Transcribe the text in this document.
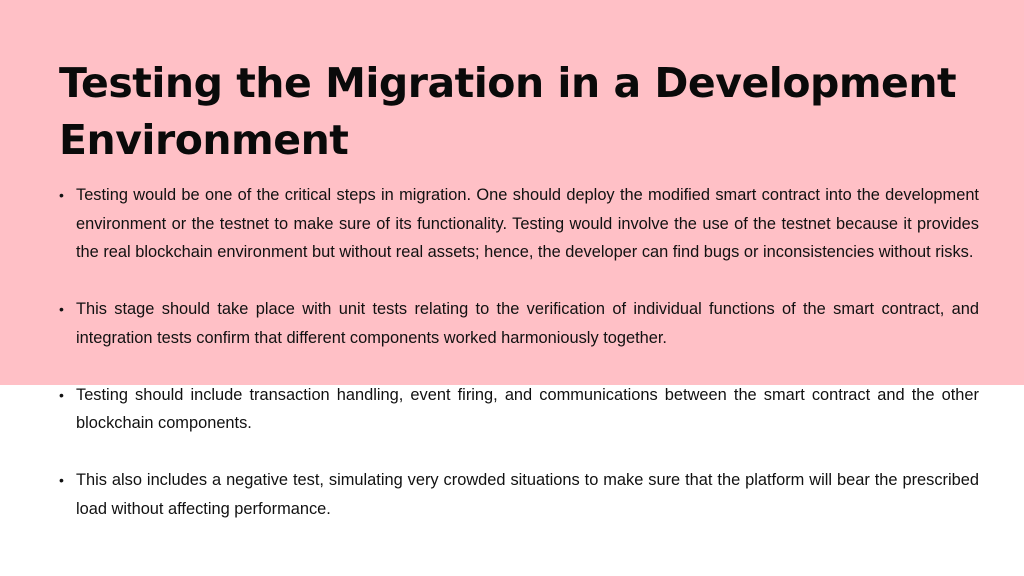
Testing the Migration in a Development Environment
• Testing would be one of the critical steps in migration. One should deploy the modified smart contract into the development environment or the testnet to make sure of its functionality. Testing would involve the use of the testnet because it provides the real blockchain environment but without real assets; hence, the developer can find bugs or inconsistencies without risks.
• This stage should take place with unit tests relating to the verification of individual functions of the smart contract, and integration tests confirm that different components worked harmoniously together.
• Testing should include transaction handling, event firing, and communications between the smart contract and the other blockchain components.
• This also includes a negative test, simulating very crowded situations to make sure that the platform will bear the prescribed load without affecting performance.
